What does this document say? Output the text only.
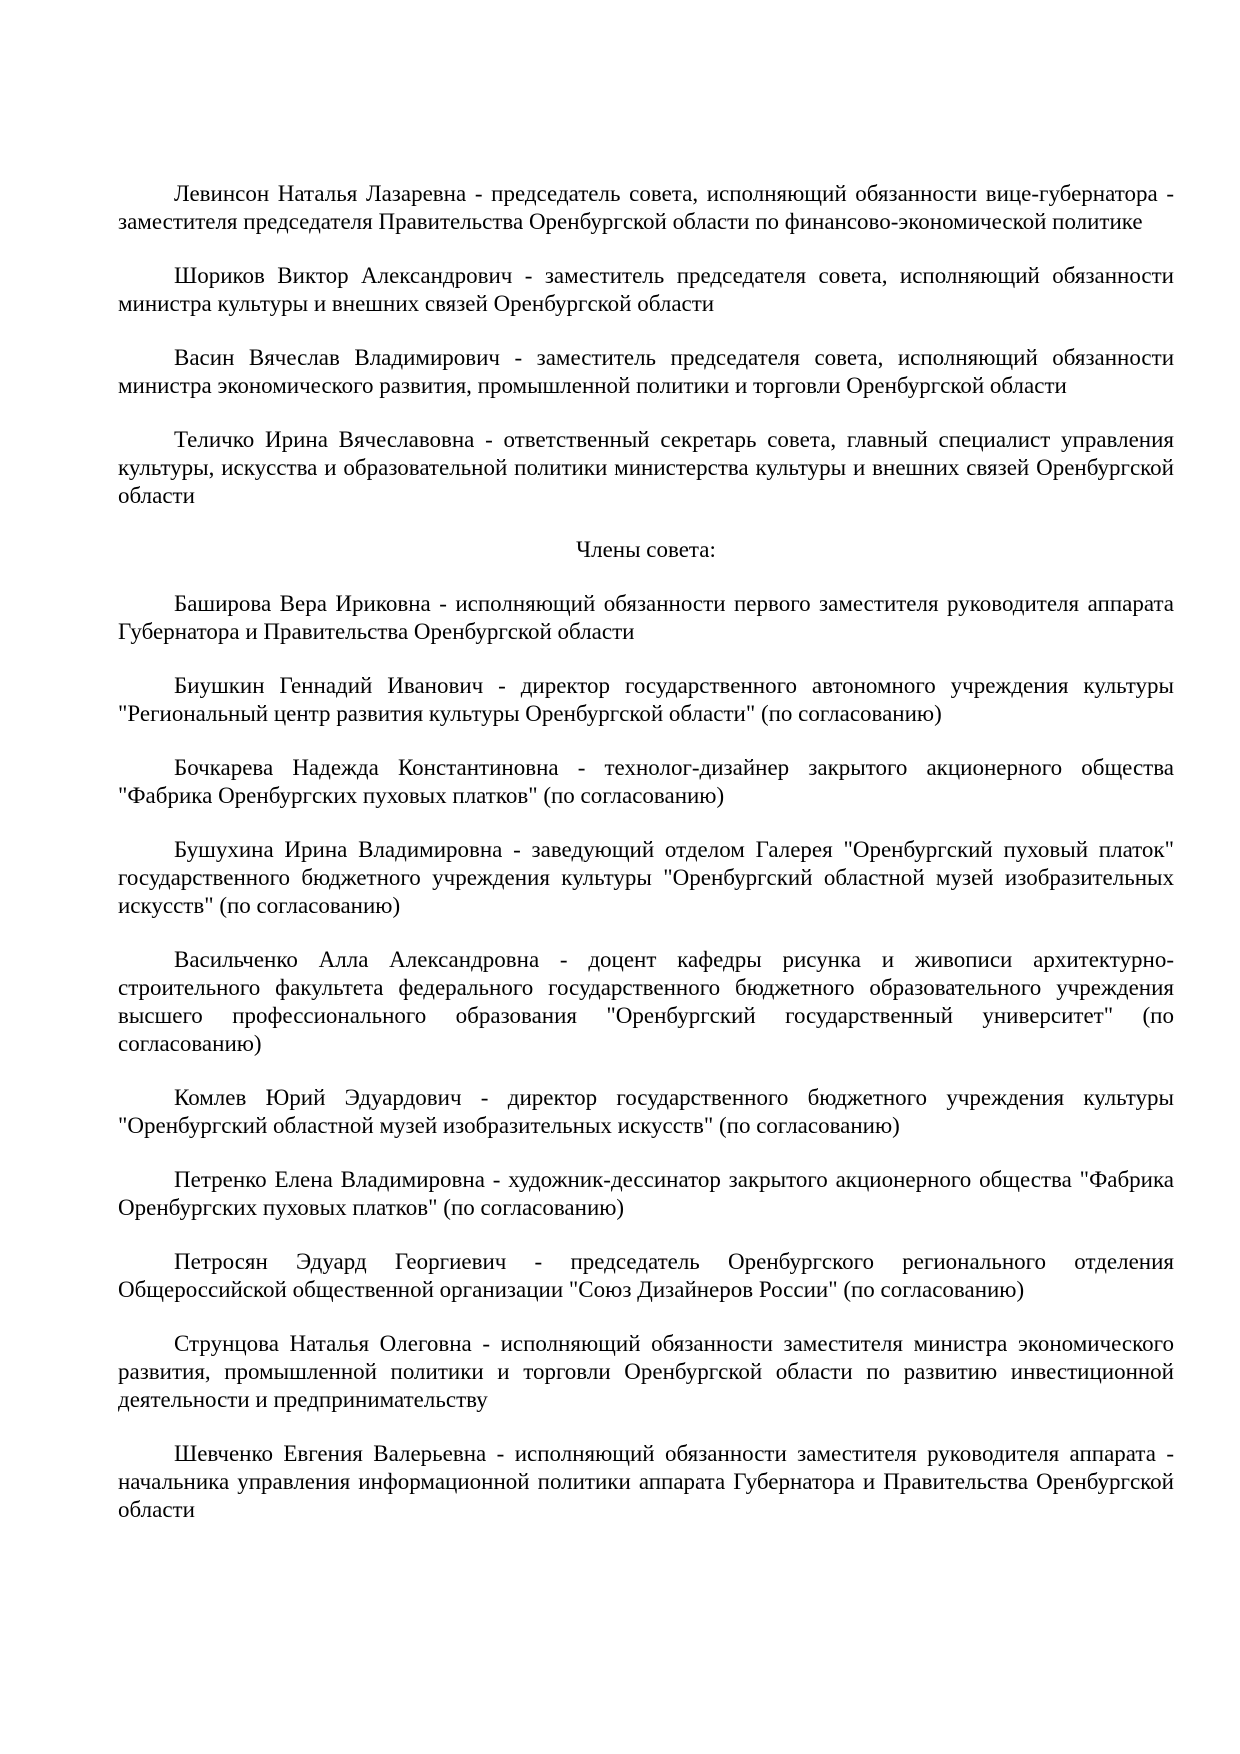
Левинсон Наталья Лазаревна - председатель совета, исполняющий обязанности вице-губернатора - заместителя председателя Правительства Оренбургской области по финансово-экономической политике

Шориков Виктор Александрович - заместитель председателя совета, исполняющий обязанности министра культуры и внешних связей Оренбургской области

Васин Вячеслав Владимирович - заместитель председателя совета, исполняющий обязанности министра экономического развития, промышленной политики и торговли Оренбургской области

Теличко Ирина Вячеславовна - ответственный секретарь совета, главный специалист управления культуры, искусства и образовательной политики министерства культуры и внешних связей Оренбургской области

Члены совета:

Баширова Вера Ириковна - исполняющий обязанности первого заместителя руководителя аппарата Губернатора и Правительства Оренбургской области

Биушкин Геннадий Иванович - директор государственного автономного учреждения культуры "Региональный центр развития культуры Оренбургской области" (по согласованию)

Бочкарева Надежда Константиновна - технолог-дизайнер закрытого акционерного общества "Фабрика Оренбургских пуховых платков" (по согласованию)

Бушухина Ирина Владимировна - заведующий отделом Галерея "Оренбургский пуховый платок" государственного бюджетного учреждения культуры "Оренбургский областной музей изобразительных искусств" (по согласованию)

Васильченко Алла Александровна - доцент кафедры рисунка и живописи архитектурно-строительного факультета федерального государственного бюджетного образовательного учреждения высшего профессионального образования "Оренбургский государственный университет" (по согласованию)

Комлев Юрий Эдуардович - директор государственного бюджетного учреждения культуры "Оренбургский областной музей изобразительных искусств" (по согласованию)

Петренко Елена Владимировна - художник-дессинатор закрытого акционерного общества "Фабрика Оренбургских пуховых платков" (по согласованию)

Петросян Эдуард Георгиевич - председатель Оренбургского регионального отделения Общероссийской общественной организации "Союз Дизайнеров России" (по согласованию)

Струнцова Наталья Олеговна - исполняющий обязанности заместителя министра экономического развития, промышленной политики и торговли Оренбургской области по развитию инвестиционной деятельности и предпринимательству

Шевченко Евгения Валерьевна - исполняющий обязанности заместителя руководителя аппарата - начальника управления информационной политики аппарата Губернатора и Правительства Оренбургской области
